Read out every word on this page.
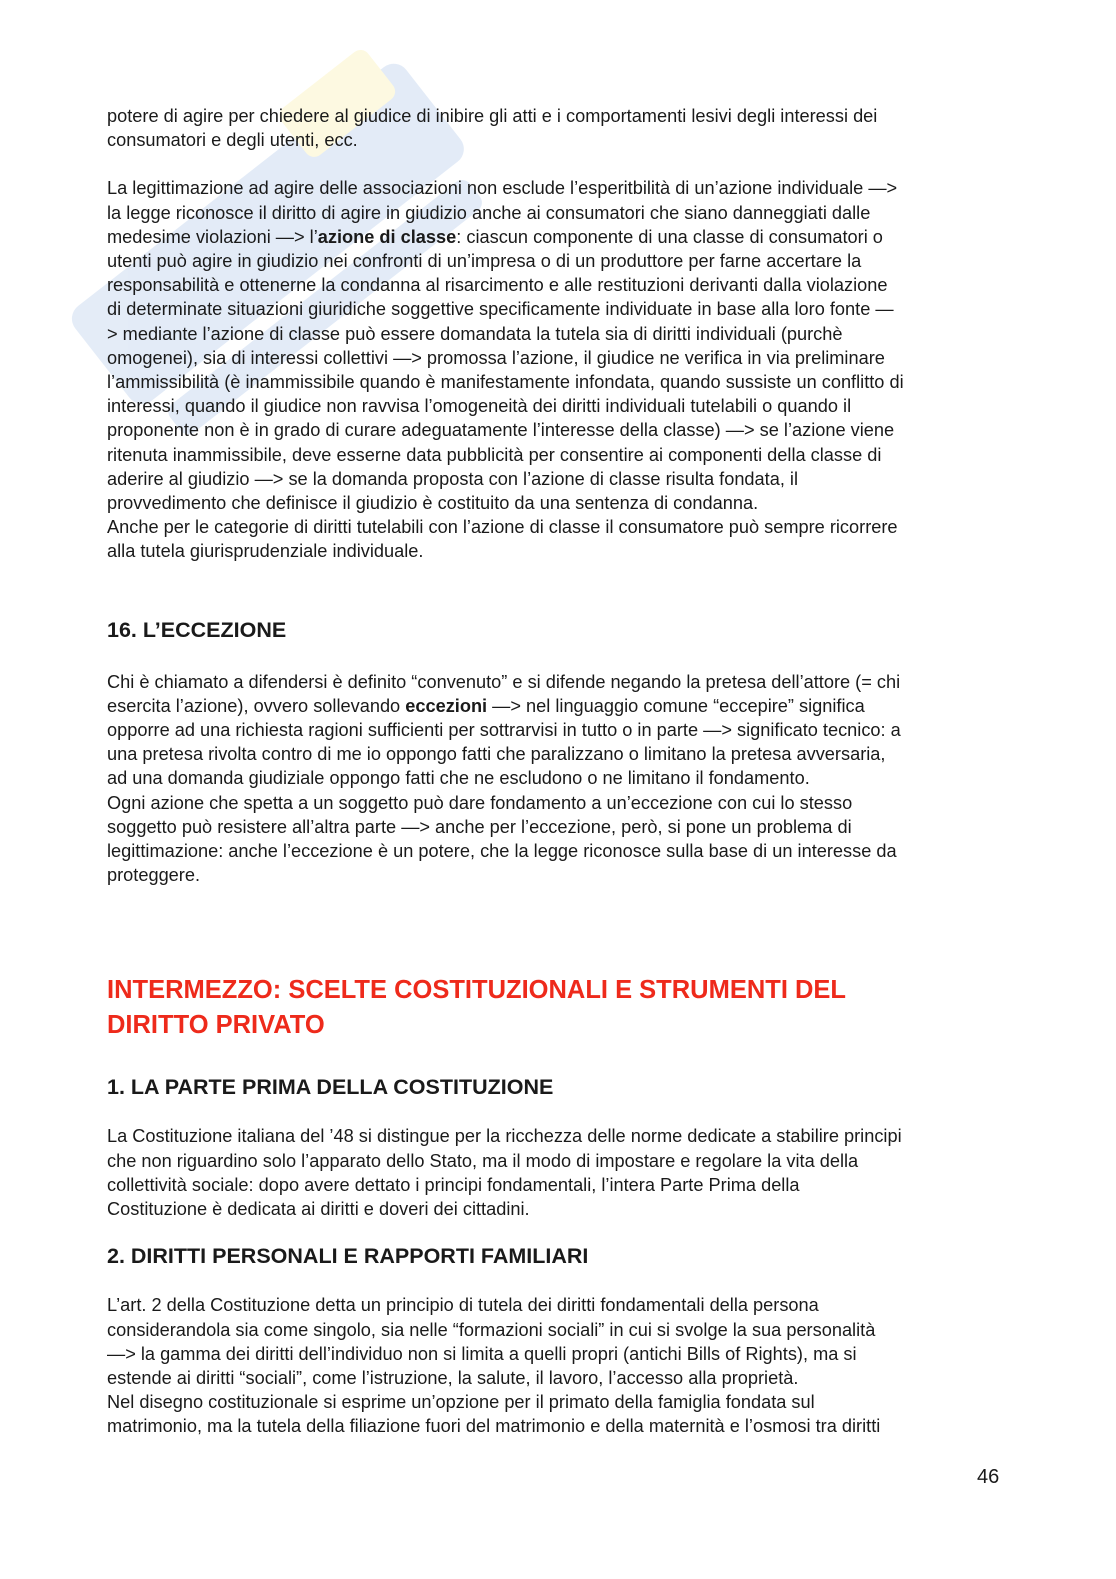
potere di agire per chiedere al giudice di inibire gli atti e i comportamenti lesivi degli interessi dei
consumatori e degli utenti, ecc.

La legittimazione ad agire delle associazioni non esclude l’esperitbilità di un’azione individuale —>
la legge riconosce il diritto di agire in giudizio anche ai consumatori che siano danneggiati dalle
medesime violazioni —> l’azione di classe: ciascun componente di una classe di consumatori o
utenti può agire in giudizio nei confronti di un’impresa o di un produttore per farne accertare la
responsabilità e ottenerne la condanna al risarcimento e alle restituzioni derivanti dalla violazione
di determinate situazioni giuridiche soggettive specificamente individuate in base alla loro fonte —
> mediante l’azione di classe può essere domandata la tutela sia di diritti individuali (purchè
omogenei), sia di interessi collettivi —> promossa l’azione, il giudice ne verifica in via preliminare
l’ammissibilità (è inammissibile quando è manifestamente infondata, quando sussiste un conflitto di
interessi, quando il giudice non ravvisa l’omogeneità dei diritti individuali tutelabili o quando il
proponente non è in grado di curare adeguatamente l’interesse della classe) —> se l’azione viene
ritenuta inammissibile, deve esserne data pubblicità per consentire ai componenti della classe di
aderire al giudizio —> se la domanda proposta con l’azione di classe risulta fondata, il
provvedimento che definisce il giudizio è costituito da una sentenza di condanna.
Anche per le categorie di diritti tutelabili con l’azione di classe il consumatore può sempre ricorrere
alla tutela giurisprudenziale individuale.

16. L’ECCEZIONE

Chi è chiamato a difendersi è definito “convenuto” e si difende negando la pretesa dell’attore (= chi
esercita l’azione), ovvero sollevando eccezioni —> nel linguaggio comune “eccepire” significa
opporre ad una richiesta ragioni sufficienti per sottrarvisi in tutto o in parte —> significato tecnico: a
una pretesa rivolta contro di me io oppongo fatti che paralizzano o limitano la pretesa avversaria,
ad una domanda giudiziale oppongo fatti che ne escludono o ne limitano il fondamento.
Ogni azione che spetta a un soggetto può dare fondamento a un’eccezione con cui lo stesso
soggetto può resistere all’altra parte —> anche per l’eccezione, però, si pone un problema di
legittimazione: anche l’eccezione è un potere, che la legge riconosce sulla base di un interesse da
proteggere.

INTERMEZZO: SCELTE COSTITUZIONALI E STRUMENTI DEL
DIRITTO PRIVATO
1. LA PARTE PRIMA DELLA COSTITUZIONE

La Costituzione italiana del ’48 si distingue per la ricchezza delle norme dedicate a stabilire principi
che non riguardino solo l’apparato dello Stato, ma il modo di impostare e regolare la vita della
collettività sociale: dopo avere dettato i principi fondamentali, l’intera Parte Prima della
Costituzione è dedicata ai diritti e doveri dei cittadini.

2. DIRITTI PERSONALI E RAPPORTI FAMILIARI

L’art. 2 della Costituzione detta un principio di tutela dei diritti fondamentali della persona
considerandola sia come singolo, sia nelle “formazioni sociali” in cui si svolge la sua personalità
—> la gamma dei diritti dell’individuo non si limita a quelli propri (antichi Bills of Rights), ma si
estende ai diritti “sociali”, come l’istruzione, la salute, il lavoro, l’accesso alla proprietà.
Nel disegno costituzionale si esprime un’opzione per il primato della famiglia fondata sul
matrimonio, ma la tutela della filiazione fuori del matrimonio e della maternità e l’osmosi tra diritti

46
